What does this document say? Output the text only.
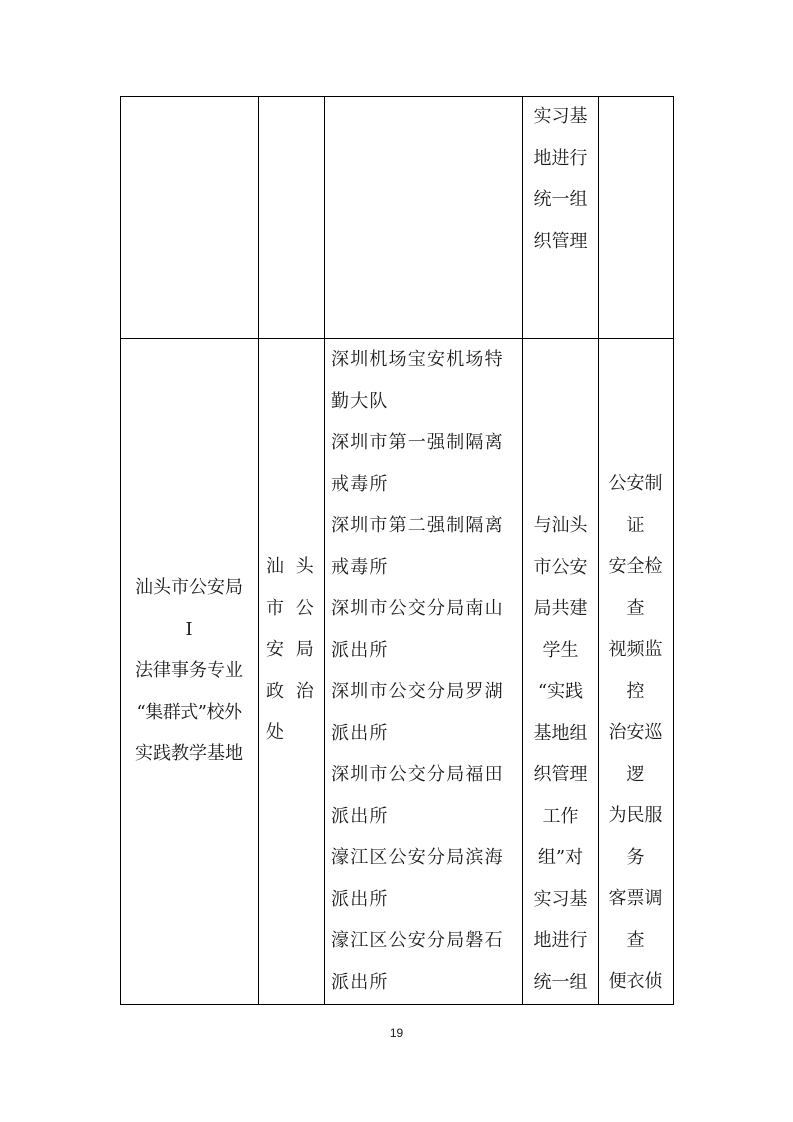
实习基
地进行
统一组
织管理
汕头市公安局
I
法律事务专业
“集群式”校外
实践教学基地
汕 头
市 公
安 局
政 治
处
深圳机场宝安机场特
勤大队
深圳市第一强制隔离
戒毒所
深圳市第二强制隔离
戒毒所
深圳市公交分局南山
派出所
深圳市公交分局罗湖
派出所
深圳市公交分局福田
派出所
濠江区公安分局滨海
派出所
濠江区公安分局磐石
派出所
与汕头
市公安
局共建
学生
“实践
基地组
织管理
工作
组”对
实习基
地进行
统一组
公安制
证
安全检
查
视频监
控
治安巡
逻
为民服
务
客票调
查
便衣侦
19
